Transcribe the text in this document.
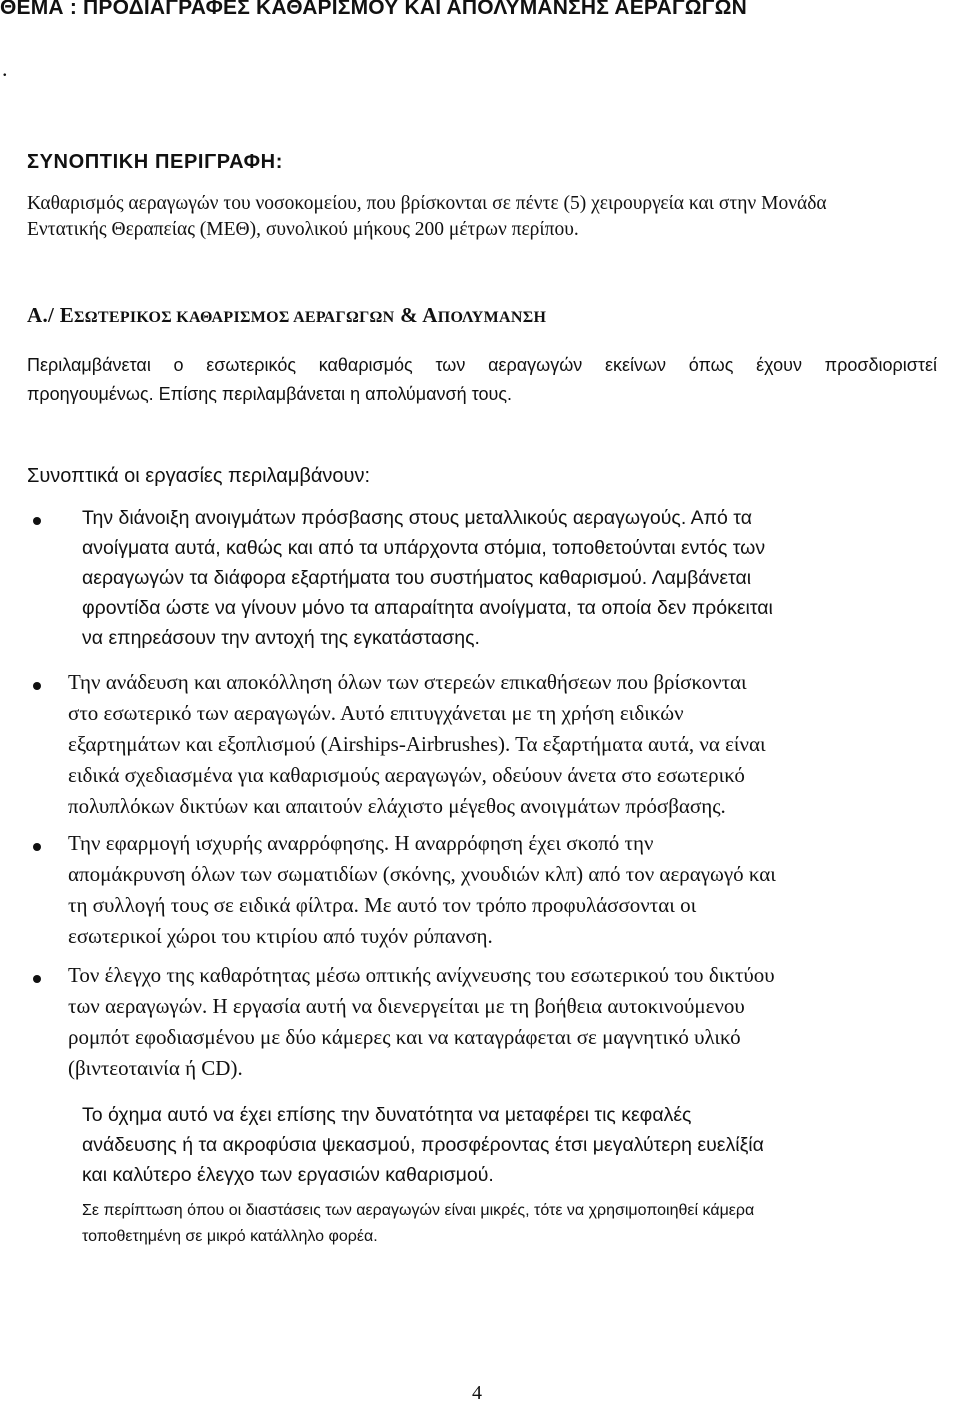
ΘΕΜΑ : ΠΡΟΔΙΑΓΡΑΦΕΣ ΚΑΘΑΡΙΣΜΟΥ ΚΑΙ ΑΠΟΛΥΜΑΝΣΗΣ ΑΕΡΑΓΩΓΩΝ
.
ΣΥΝΟΠΤΙΚΗ ΠΕΡΙΓΡΑΦΗ:
Καθαρισμός αεραγωγών του νοσοκομείου, που βρίσκονται σε πέντε (5) χειρουργεία και στην Μονάδα
Εντατικής Θεραπείας (ΜΕΘ), συνολικού μήκους 200 μέτρων περίπου.
Α./ ΕΣΩΤΕΡΙΚΟΣ ΚΑΘΑΡΙΣΜΟΣ ΑΕΡΑΓΩΓΩΝ & ΑΠΟΛΥΜΑΝΣΗ
Περιλαμβάνεται ο εσωτερικός καθαρισμός των αεραγωγών εκείνων όπως έχουν προσδιοριστεί
προηγουμένως. Επίσης περιλαμβάνεται η απολύμανσή τους.
Συνοπτικά οι εργασίες περιλαμβάνουν:
Την διάνοιξη ανοιγμάτων πρόσβασης στους μεταλλικούς αεραγωγούς. Από τα
ανοίγματα αυτά, καθώς και από τα υπάρχοντα στόμια, τοποθετούνται εντός των
αεραγωγών τα διάφορα εξαρτήματα του συστήματος καθαρισμού. Λαμβάνεται
φροντίδα ώστε να γίνουν μόνο τα απαραίτητα ανοίγματα, τα οποία δεν πρόκειται
να επηρεάσουν την αντοχή της εγκατάστασης.
Την ανάδευση και αποκόλληση όλων των στερεών επικαθήσεων που βρίσκονται
στο εσωτερικό των αεραγωγών. Αυτό επιτυγχάνεται με τη χρήση ειδικών
εξαρτημάτων και εξοπλισμού (Airships-Airbrushes). Τα εξαρτήματα αυτά, να είναι
ειδικά σχεδιασμένα για καθαρισμούς αεραγωγών, οδεύουν άνετα στο εσωτερικό
πολυπλόκων δικτύων και απαιτούν ελάχιστο μέγεθος ανοιγμάτων πρόσβασης.
Την εφαρμογή ισχυρής αναρρόφησης. Η αναρρόφηση έχει σκοπό την
απομάκρυνση όλων των σωματιδίων (σκόνης, χνουδιών κλπ) από τον αεραγωγό και
τη συλλογή τους σε ειδικά φίλτρα. Με αυτό τον τρόπο προφυλάσσονται οι
εσωτερικοί χώροι του κτιρίου από τυχόν ρύπανση.
Τον έλεγχο της καθαρότητας μέσω οπτικής ανίχνευσης του εσωτερικού του δικτύου
των αεραγωγών. Η εργασία αυτή να διενεργείται με τη βοήθεια αυτοκινούμενου
ρομπότ εφοδιασμένου με δύο κάμερες και να καταγράφεται σε μαγνητικό υλικό
(βιντεοταινία ή CD).
Το όχημα αυτό να έχει επίσης την δυνατότητα να μεταφέρει τις κεφαλές
ανάδευσης ή τα ακροφύσια ψεκασμού, προσφέροντας έτσι μεγαλύτερη ευελίξία
και καλύτερο έλεγχο των εργασιών καθαρισμού.
Σε περίπτωση όπου οι διαστάσεις των αεραγωγών είναι μικρές, τότε να χρησιμοποιηθεί κάμερα
τοποθετημένη σε μικρό κατάλληλο φορέα.
4
